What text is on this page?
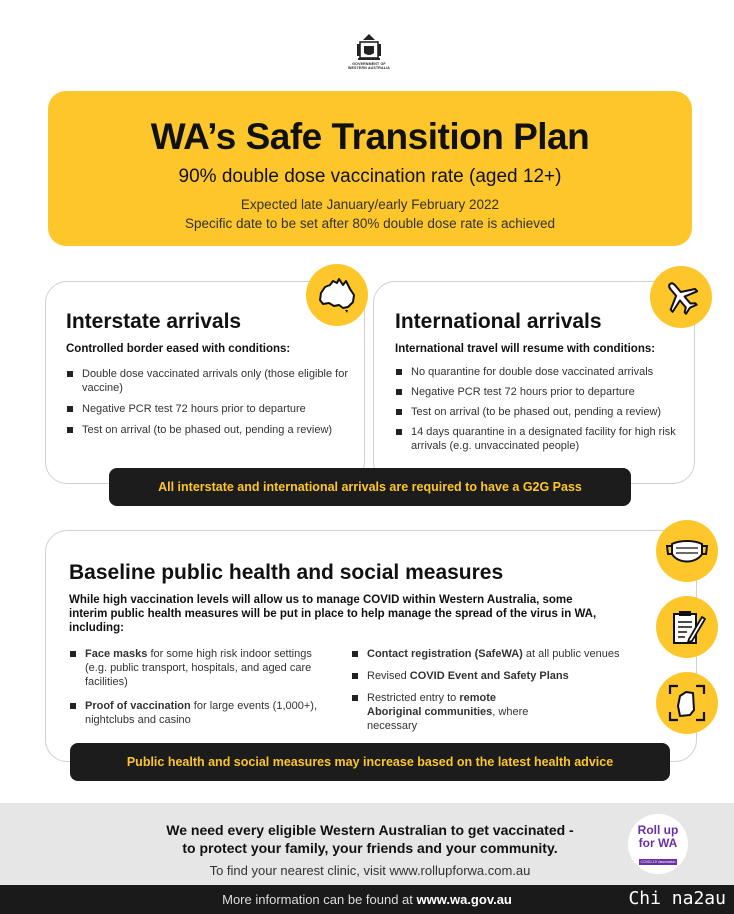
GOVERNMENT OF
WESTERN AUSTRALIA
WA’s Safe Transition Plan
90% double dose vaccination rate (aged 12+)
Expected late January/early February 2022
Specific date to be set after 80% double dose rate is achieved
Interstate arrivals
Controlled border eased with conditions:
Double dose vaccinated arrivals only (those eligible for vaccine)
Negative PCR test 72 hours prior to departure
Test on arrival (to be phased out, pending a review)
International arrivals
International travel will resume with conditions:
No quarantine for double dose vaccinated arrivals
Negative PCR test 72 hours prior to departure
Test on arrival (to be phased out, pending a review)
14 days quarantine in a designated facility for high risk arrivals (e.g. unvaccinated people)
All interstate and international arrivals are required to have a G2G Pass
Baseline public health and social measures
While high vaccination levels will allow us to manage COVID within Western Australia, some interim public health measures will be put in place to help manage the spread of the virus in WA, including:
Face masks for some high risk indoor settings (e.g. public transport, hospitals, and aged care facilities)
Proof of vaccination for large events (1,000+), nightclubs and casino
Contact registration (SafeWA) at all public venues
Revised COVID Event and Safety Plans
Restricted entry to remote Aboriginal communities, where necessary
Public health and social measures may increase based on the latest health advice
We need every eligible Western Australian to get vaccinated -
to protect your family, your friends and your community.
To find your nearest clinic, visit www.rollupforwa.com.au
Roll up
for WA
COVID-19 Vaccination
More information can be found at www.wa.gov.au	Chi na2au
